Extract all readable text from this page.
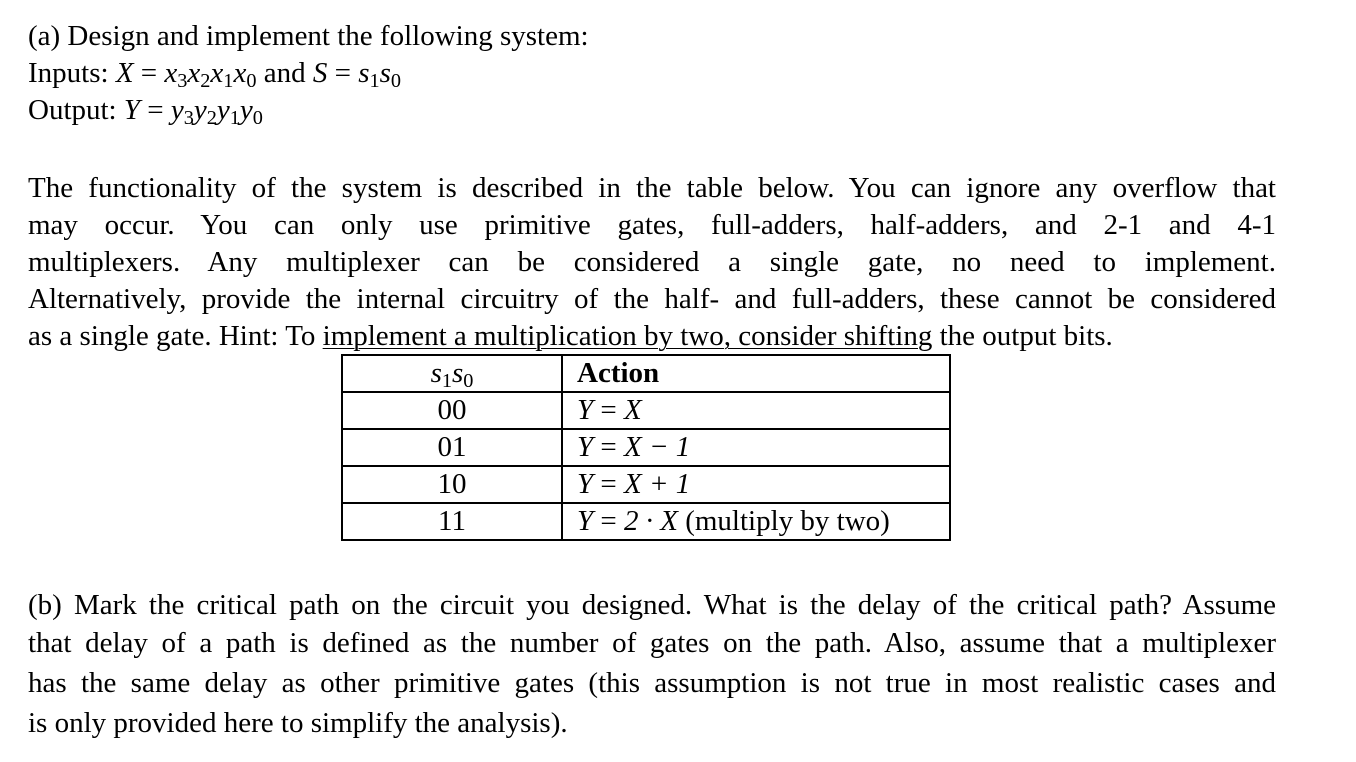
(a) Design and implement the following system:
Inputs: $X = x_3x_2x_1x_0$ and $S = s_1s_0$
Output: $Y = y_3y_2y_1y_0$
The functionality of the system is described in the table below. You can ignore any overflow that
may occur. You can only use primitive gates, full-adders, half-adders, and 2-1 and 4-1
multiplexers. Any multiplexer can be considered a single gate, no need to implement.
Alternatively, provide the internal circuitry of the half- and full-adders, these cannot be considered
as a single gate. Hint: To implement a multiplication by two, consider shifting the output bits.
$s_1s_0$	Action
00	Y = X
01	Y = X − 1
10	Y = X + 1
11	Y = 2 · X (multiply by two)
(b) Mark the critical path on the circuit you designed. What is the delay of the critical path? Assume
that delay of a path is defined as the number of gates on the path. Also, assume that a multiplexer
has the same delay as other primitive gates (this assumption is not true in most realistic cases and
is only provided here to simplify the analysis).
